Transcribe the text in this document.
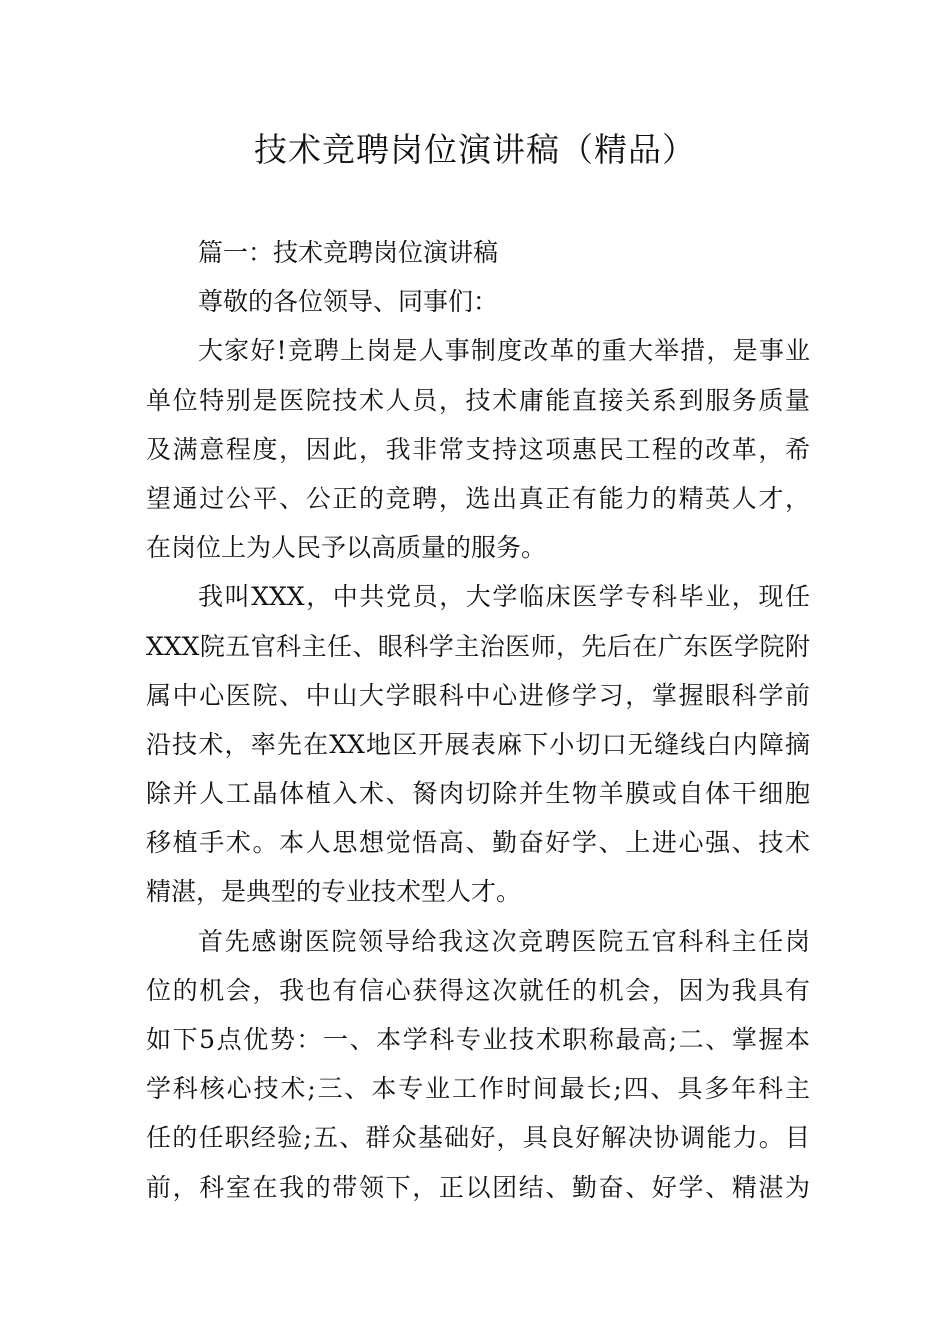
技术竞聘岗位演讲稿（精品）
篇一：技术竞聘岗位演讲稿
尊敬的各位领导、同事们：
大家好!竞聘上岗是人事制度改革的重大举措，是事业
单位特别是医院技术人员，技术庸能直接关系到服务质量
及满意程度，因此，我非常支持这项惠民工程的改革，希
望通过公平、公正的竞聘，选出真正有能力的精英人才，
在岗位上为人民予以高质量的服务。
我叫XXX，中共党员，大学临床医学专科毕业，现任
XXX院五官科主任、眼科学主治医师，先后在广东医学院附
属中心医院、中山大学眼科中心进修学习，掌握眼科学前
沿技术，率先在XX地区开展表麻下小切口无缝线白内障摘
除并人工晶体植入术、胬肉切除并生物羊膜或自体干细胞
移植手术。本人思想觉悟高、勤奋好学、上进心强、技术
精湛，是典型的专业技术型人才。
首先感谢医院领导给我这次竞聘医院五官科科主任岗
位的机会，我也有信心获得这次就任的机会，因为我具有
如下5点优势：一、本学科专业技术职称最高;二、掌握本
学科核心技术;三、本专业工作时间最长;四、具多年科主
任的任职经验;五、群众基础好，具良好解决协调能力。目
前，科室在我的带领下，正以团结、勤奋、好学、精湛为
